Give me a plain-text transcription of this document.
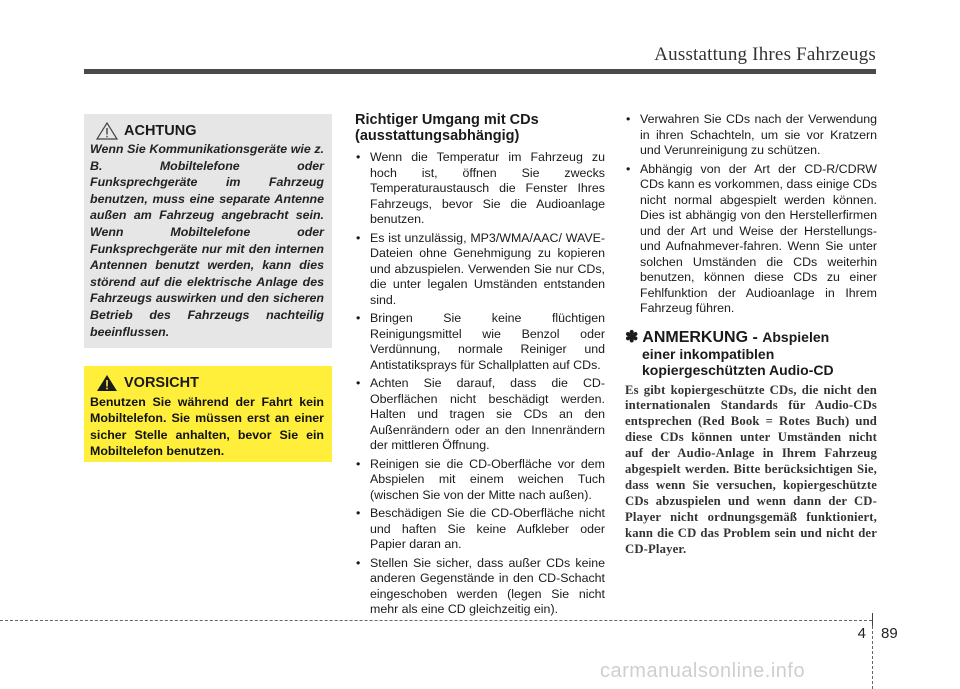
Ausstattung Ihres Fahrzeugs
ACHTUNG
Wenn Sie Kommunikationsgeräte wie z. B. Mobiltelefone oder Funksprechgeräte im Fahrzeug benutzen, muss eine separate Antenne außen am Fahrzeug angebracht sein. Wenn Mobiltelefone oder Funksprechgeräte nur mit den internen Antennen benutzt werden, kann dies störend auf die elektrische Anlage des Fahrzeugs auswirken und den sicheren Betrieb des Fahrzeugs nachteilig beeinflussen.
VORSICHT
Benutzen Sie während der Fahrt kein Mobiltelefon. Sie müssen erst an einer sicher Stelle anhalten, bevor Sie ein Mobiltelefon benutzen.
Richtiger Umgang mit CDs (ausstattungsabhängig)
• Wenn die Temperatur im Fahrzeug zu hoch ist, öffnen Sie zwecks Temperaturaustausch die Fenster Ihres Fahrzeugs, bevor Sie die Audioanlage benutzen.
• Es ist unzulässig, MP3/WMA/AAC/ WAVE-Dateien ohne Genehmigung zu kopieren und abzuspielen. Verwenden Sie nur CDs, die unter legalen Umständen entstanden sind.
• Bringen Sie keine flüchtigen Reinigungsmittel wie Benzol oder Verdünnung, normale Reiniger und Antistatiksprays für Schallplatten auf CDs.
• Achten Sie darauf, dass die CD-Oberflächen nicht beschädigt werden. Halten und tragen sie CDs an den Außenrändern oder an den Innenrändern der mittleren Öffnung.
• Reinigen sie die CD-Oberfläche vor dem Abspielen mit einem weichen Tuch (wischen Sie von der Mitte nach außen).
• Beschädigen Sie die CD-Oberfläche nicht und haften Sie keine Aufkleber oder Papier daran an.
• Stellen Sie sicher, dass außer CDs keine anderen Gegenstände in den CD-Schacht eingeschoben werden (legen Sie nicht mehr als eine CD gleichzeitig ein).
• Verwahren Sie CDs nach der Verwendung in ihren Schachteln, um sie vor Kratzern und Verunreinigung zu schützen.
• Abhängig von der Art der CD-R/CDRW CDs kann es vorkommen, dass einige CDs nicht normal abgespielt werden können. Dies ist abhängig von den Herstellerfirmen und der Art und Weise der Herstellungs- und Aufnahmever-fahren. Wenn Sie unter solchen Umständen die CDs weiterhin benutzen, können diese CDs zu einer Fehlfunktion der Audioanlage in Ihrem Fahrzeug führen.
✽ ANMERKUNG - Abspielen
einer inkompatiblen
kopiergeschützten Audio-CD
Es gibt kopiergeschützte CDs, die nicht den internationalen Standards für Audio-CDs entsprechen (Red Book = Rotes Buch) und diese CDs können unter Umständen nicht auf der Audio-Anlage in Ihrem Fahrzeug abgespielt werden. Bitte berücksichtigen Sie, dass wenn Sie versuchen, kopiergeschützte CDs abzuspielen und wenn dann der CD-Player nicht ordnungsgemäß funktioniert, kann die CD das Problem sein und nicht der CD-Player.
4 89
carmanualsonline.info
